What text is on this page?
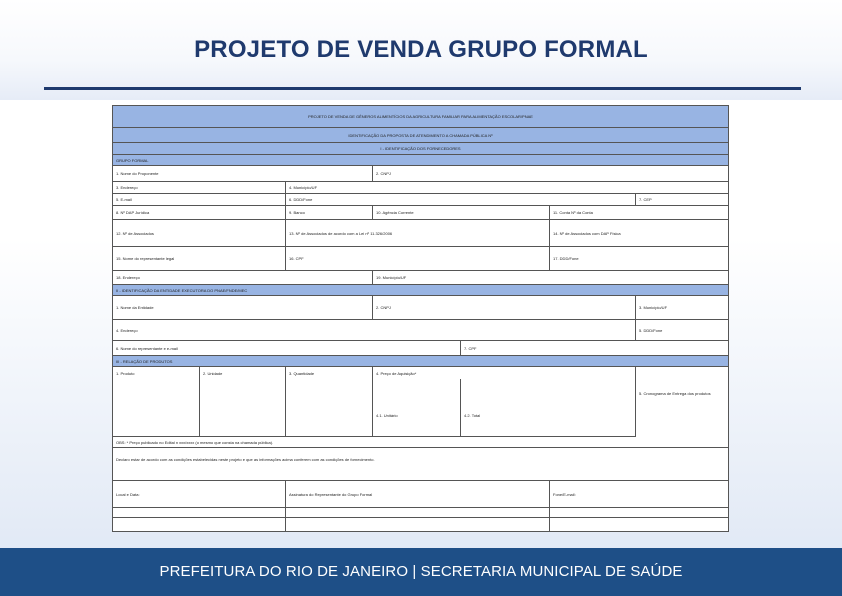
PROJETO DE VENDA GRUPO FORMAL
PROJETO DE VENDA DE GÊNEROS ALIMENTÍCIOS DA AGRICULTURA FAMILIAR PARA ALIMENTAÇÃO ESCOLAR/PNAE
IDENTIFICAÇÃO DA PROPOSTA DE ATENDIMENTO A CHAMADA PÚBLICA Nº
I - IDENTIFICAÇÃO DOS FORNECEDORES
GRUPO FORMAL
1. Nome do Proponente	2. CNPJ
3. Endereço	4. Município/UF
5. E-mail	6. DDD/Fone	7. CEP
8. Nº DAP Jurídica	9. Banco	10. Agência Corrente	11. Conta Nº da Conta
12. Nº de Associados	13. Nº de Associados de acordo com a Lei nº 11.326/2006	14. Nº de Associados com DAP Física
15. Nome do representante legal	16. CPF	17. DDD/Fone
18. Endereço	19. Município/UF
II - IDENTIFICAÇÃO DA ENTIDADE EXECUTORA DO PNAE/FNDE/MEC
1. Nome da Entidade	2. CNPJ	3. Município/UF
4. Endereço	5. DDD/Fone
6. Nome do representante e e-mail	7. CPF
III - RELAÇÃO DE PRODUTOS
1. Produto	2. Unidade	3. Quantidade	4. Preço de Aquisição*
4.1. Unitário	4.2. Total
5. Cronograma de Entrega dos produtos
OBS: * Preço publicado no Edital n xxx/xxxx (o mesmo que consta na chamada pública).
Declaro estar de acordo com as condições estabelecidas neste projeto e que as informações acima conferem com as condições de fornecimento.
Local e Data:	Assinatura do Representante do Grupo Formal	Fone/E-mail:
PREFEITURA DO RIO DE JANEIRO | SECRETARIA MUNICIPAL DE SAÚDE
